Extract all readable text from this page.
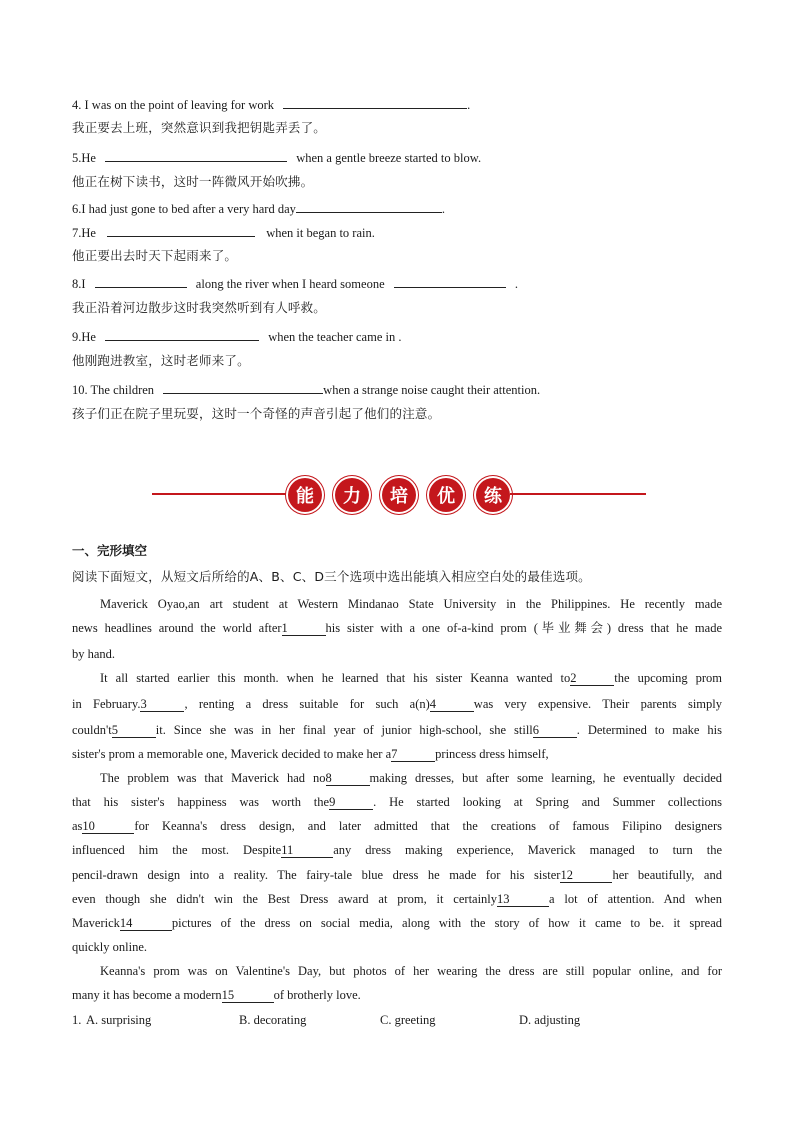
4. I was on the point of leaving for work	.
我正要去上班，突然意识到我把钥匙弄丢了。
5.He	when a gentle breeze started to blow.
他正在树下读书，这时一阵微风开始吹拂。
6.I had just gone to bed after a very hard day	.
7.He	when it began to rain.
他正要出去时天下起雨来了。
8.I	along the river when I heard someone	.
我正沿着河边散步这时我突然听到有人呼救。
9.He	when the teacher came in .
他刚跑进教室，这时老师来了。
10. The children	when a strange noise caught their attention.
孩子们正在院子里玩耍，这时一个奇怪的声音引起了他们的注意。
能	力	培	优	练
一、完形填空
阅读下面短文，从短文后所给的A、B、C、D三个选项中选出能填入相应空白处的最佳选项。
Maverick Oyao,an art student at Western Mindanao State University in the Philippines. He recently made
news headlines around the world after1	his sister with a one of-a-kind prom (毕业舞会) dress that he made
by hand.
It all started earlier this month. when he learned that his sister Keanna wanted to2	the upcoming prom
in February.3	, renting a dress suitable for such a(n)4	was very expensive. Their parents simply
couldn't5	it. Since she was in her final year of junior high-school, she still6	. Determined to make his
sister's prom a memorable one, Maverick decided to make her a7	princess dress himself,
The problem was that Maverick had no8	making dresses, but after some learning, he eventually decided
that his sister's happiness was worth the9	. He started looking at Spring and Summer collections
as10	for Keanna's dress design, and later admitted that the creations of famous Filipino designers
influenced him the most. Despite11	any dress making experience, Maverick managed to turn the
pencil-drawn design into a reality. The fairy-tale blue dress he made for his sister12	her beautifully, and
even though she didn't win the Best Dress award at prom, it certainly13	a lot of attention. And when
Maverick14	pictures of the dress on social media, along with the story of how it came to be. it spread
quickly online.
Keanna's prom was on Valentine's Day, but photos of her wearing the dress are still popular online, and for
many it has become a modern15	of brotherly love.
1. A. surprising	B. decorating	C. greeting	D. adjusting
